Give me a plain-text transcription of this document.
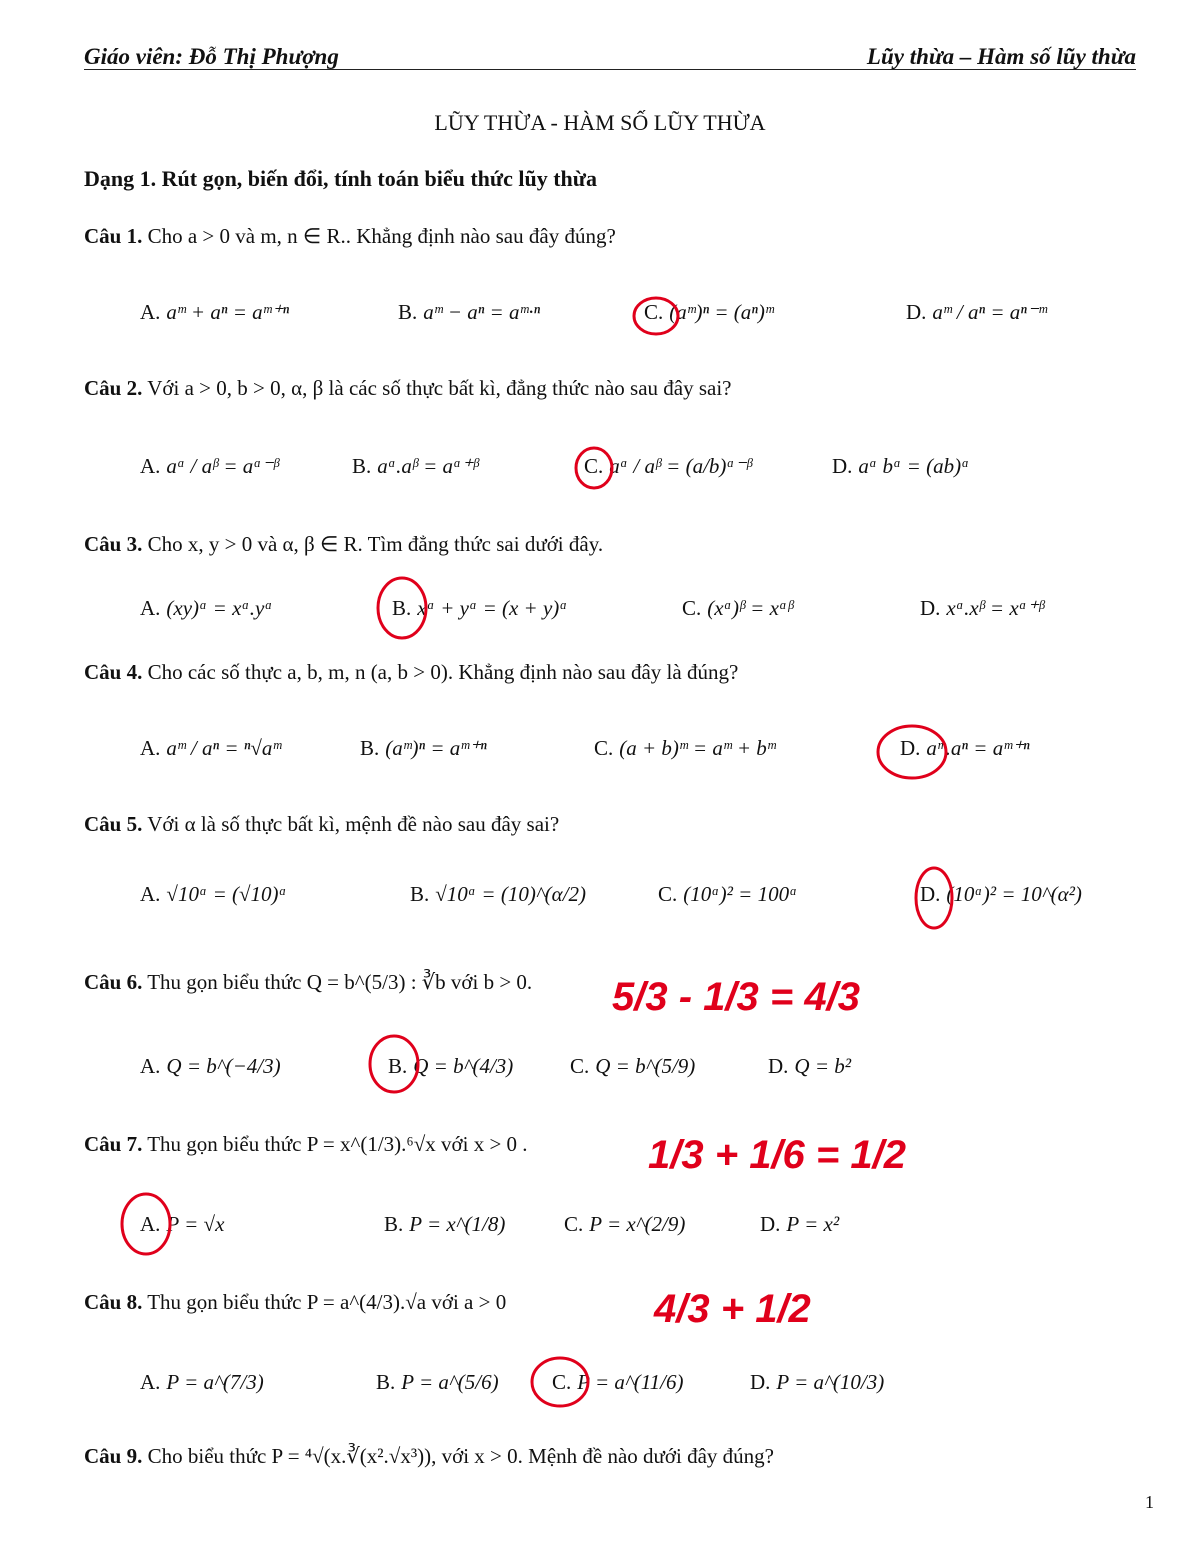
Giáo viên: Đỗ Thị Phượng	Lũy thừa – Hàm số lũy thừa
LŨY THỪA - HÀM SỐ LŨY THỪA
Dạng 1. Rút gọn, biến đổi, tính toán biểu thức lũy thừa
Câu 1. Cho a > 0 và m, n ∈ R.. Khẳng định nào sau đây đúng?
A. aᵐ + aⁿ = aᵐ⁺ⁿ	B. aᵐ − aⁿ = aᵐ·ⁿ	C. (aᵐ)ⁿ = (aⁿ)ᵐ	D. aᵐ / aⁿ = aⁿ⁻ᵐ
Câu 2. Với a > 0, b > 0, α, β là các số thực bất kì, đẳng thức nào sau đây sai?
A. aᵅ / aᵝ = aᵅ⁻ᵝ	B. aᵅ.aᵝ = aᵅ⁺ᵝ	C. aᵅ / aᵝ = (a/b)ᵅ⁻ᵝ	D. aᵅ bᵅ = (ab)ᵅ
Câu 3. Cho x, y > 0 và α, β ∈ R. Tìm đẳng thức sai dưới đây.
A. (xy)ᵅ = xᵅ.yᵅ	B. xᵅ + yᵅ = (x + y)ᵅ	C. (xᵅ)ᵝ = xᵅᵝ	D. xᵅ.xᵝ = xᵅ⁺ᵝ
Câu 4. Cho các số thực a, b, m, n (a, b > 0). Khẳng định nào sau đây là đúng?
A. aᵐ / aⁿ = ⁿ√aᵐ	B. (aᵐ)ⁿ = aᵐ⁺ⁿ	C. (a + b)ᵐ = aᵐ + bᵐ	D. aᵐ.aⁿ = aᵐ⁺ⁿ
Câu 5. Với α là số thực bất kì, mệnh đề nào sau đây sai?
A. √10ᵅ = (√10)ᵅ	B. √10ᵅ = (10)^(α/2)	C. (10ᵅ)² = 100ᵅ	D. (10ᵅ)² = 10^(α²)
Câu 6. Thu gọn biểu thức Q = b^(5/3) : ∛b với b > 0.
A. Q = b^(−4/3)	B. Q = b^(4/3)	C. Q = b^(5/9)	D. Q = b²
Câu 7. Thu gọn biểu thức P = x^(1/3).⁶√x với x > 0 .
A. P = √x	B. P = x^(1/8)	C. P = x^(2/9)	D. P = x²
Câu 8. Thu gọn biểu thức P = a^(4/3).√a với a > 0
A. P = a^(7/3)	B. P = a^(5/6)	C. P = a^(11/6)	D. P = a^(10/3)
Câu 9. Cho biểu thức P = ⁴√(x.∛(x².√x³)), với x > 0. Mệnh đề nào dưới đây đúng?
5/3 - 1/3 = 4/3
1/3 + 1/6 = 1/2
4/3 + 1/2
1
